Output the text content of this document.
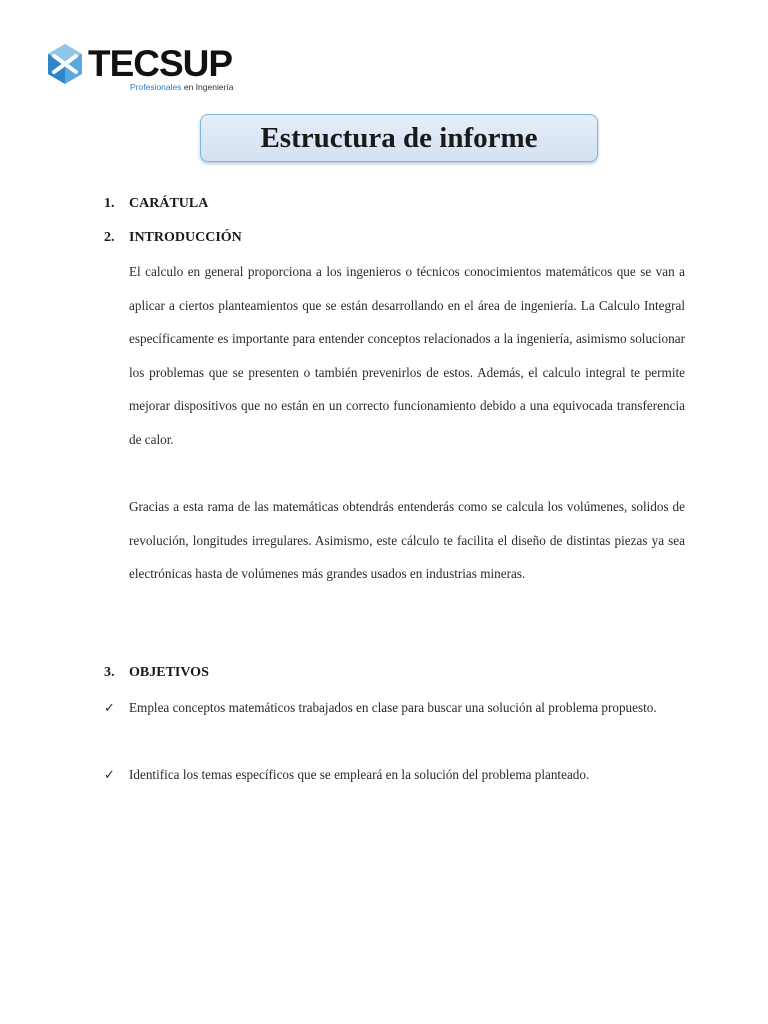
TECSUP
Profesionales en Ingeniería
Estructura de informe
1. CARÁTULA
2. INTRODUCCIÓN

El calculo en general proporciona a los ingenieros o técnicos conocimientos matemáticos que se van a aplicar a ciertos planteamientos que se están desarrollando en el área de ingeniería. La Calculo Integral específicamente es importante para entender conceptos relacionados a la ingeniería, asimismo solucionar los problemas que se presenten o también prevenirlos de estos. Además, el calculo integral te permite mejorar dispositivos que no están en un correcto funcionamiento debido a una equivocada transferencia de calor.

Gracias a esta rama de las matemáticas obtendrás entenderás como se calcula los volúmenes, solidos de revolución, longitudes irregulares. Asimismo, este cálculo te facilita el diseño de distintas piezas ya sea electrónicas hasta de volúmenes más grandes usados en industrias mineras.

3. OBJETIVOS
✓	Emplea conceptos matemáticos trabajados en clase para buscar una solución al problema propuesto.
✓	Identifica los temas específicos que se empleará en la solución del problema planteado.
